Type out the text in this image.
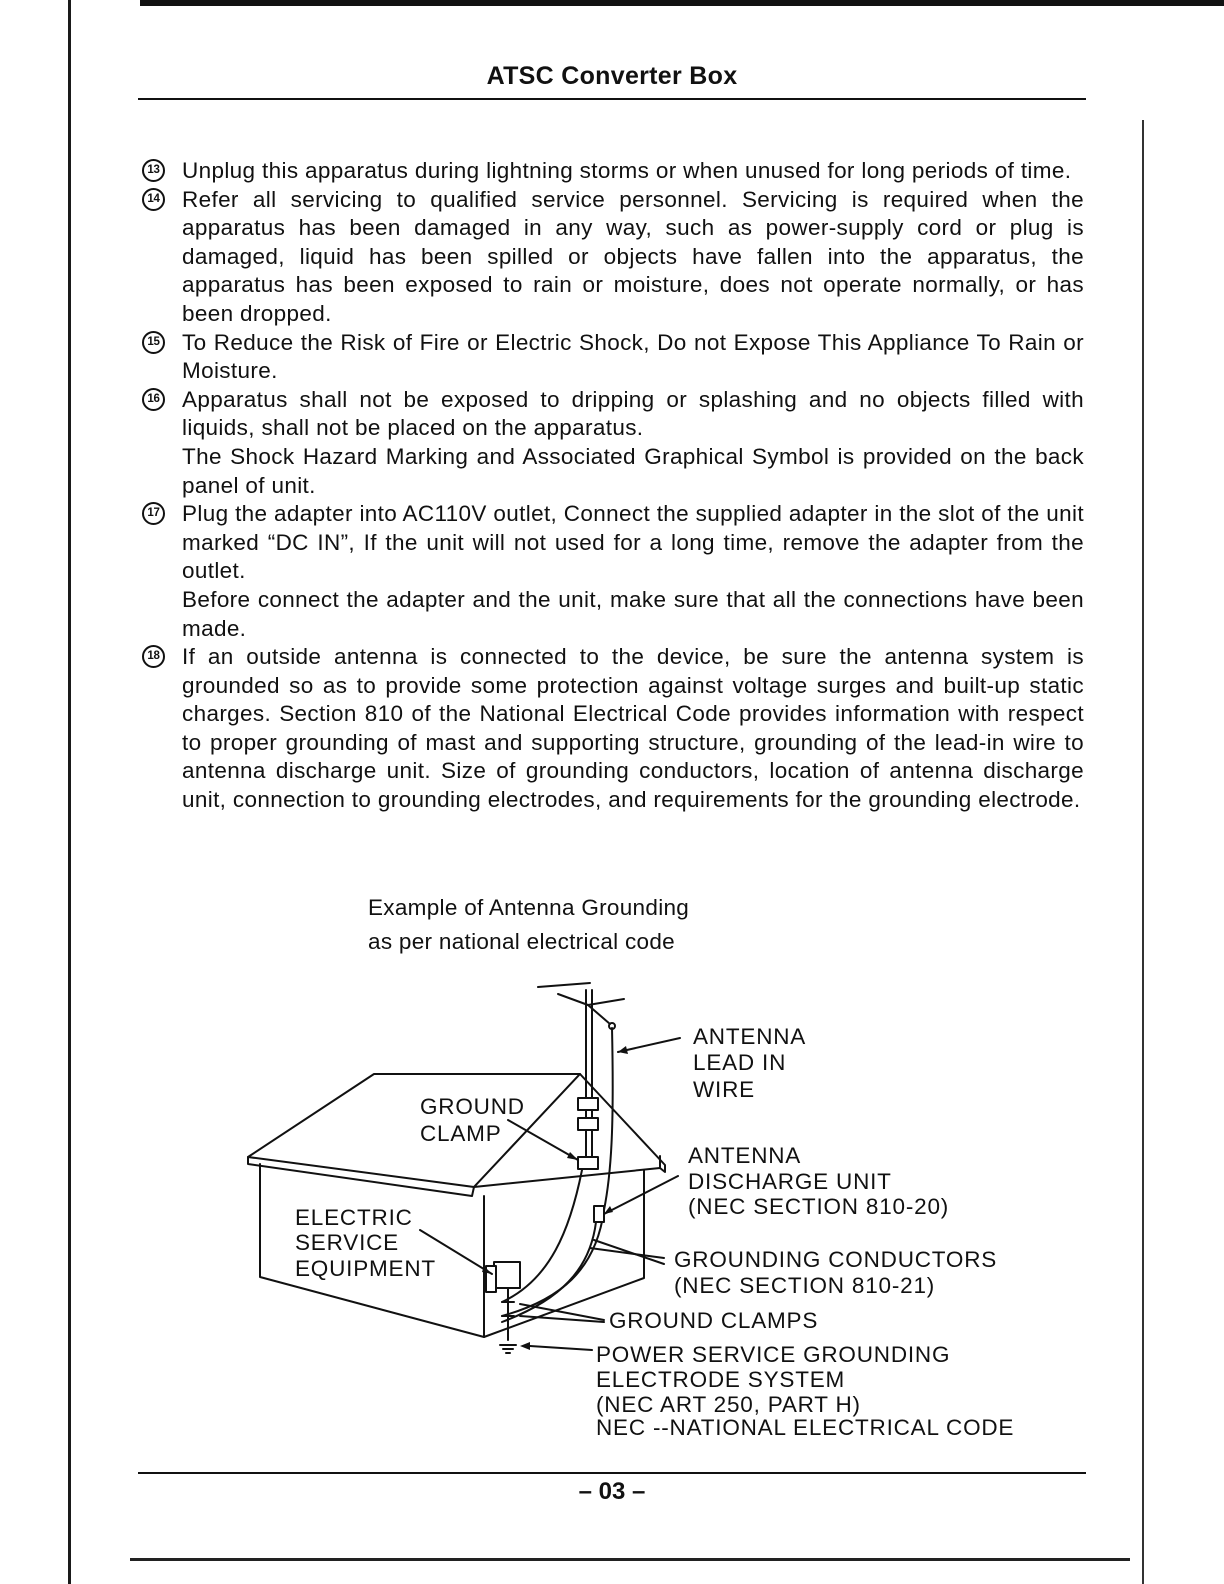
ATSC Converter Box
13 Unplug this apparatus during lightning storms or when unused for long periods of time.
14 Refer all servicing to qualified service personnel. Servicing is required when the apparatus has been damaged in any way, such as power-supply cord or plug is damaged, liquid has been spilled or objects have fallen into the apparatus, the apparatus has been exposed to rain or moisture, does not operate normally, or has been dropped.
15 To Reduce the Risk of Fire or Electric Shock, Do not Expose This Appliance To Rain or Moisture.
16 Apparatus shall not be exposed to dripping or splashing and no objects filled with liquids, shall not be placed on the apparatus.
The Shock Hazard Marking and Associated Graphical Symbol is provided on the back panel of unit.
17 Plug the adapter into AC110V outlet, Connect the supplied adapter in the slot of the unit marked “DC IN”, If the unit will not used for a long time, remove the adapter from the outlet.
Before connect the adapter and the unit, make sure that all the connections have been made.
18 If an outside antenna is connected to the device, be sure the antenna system is grounded so as to provide some protection against voltage surges and built-up static charges. Section 810 of the National Electrical Code provides information with respect to proper grounding of mast and supporting structure, grounding of the lead-in wire to antenna discharge unit. Size of grounding conductors, location of antenna discharge unit, connection to grounding electrodes, and requirements for the grounding electrode.
Example of Antenna Grounding
as per national electrical code
ANTENNA
LEAD IN
WIRE
GROUND
CLAMP
ANTENNA
DISCHARGE UNIT
(NEC SECTION 810-20)
ELECTRIC
SERVICE
EQUIPMENT	GROUNDING CONDUCTORS
(NEC SECTION 810-21)
GROUND CLAMPS
POWER SERVICE GROUNDING
ELECTRODE SYSTEM
(NEC ART 250, PART H)
NEC --NATIONAL ELECTRICAL CODE
– 03 –
